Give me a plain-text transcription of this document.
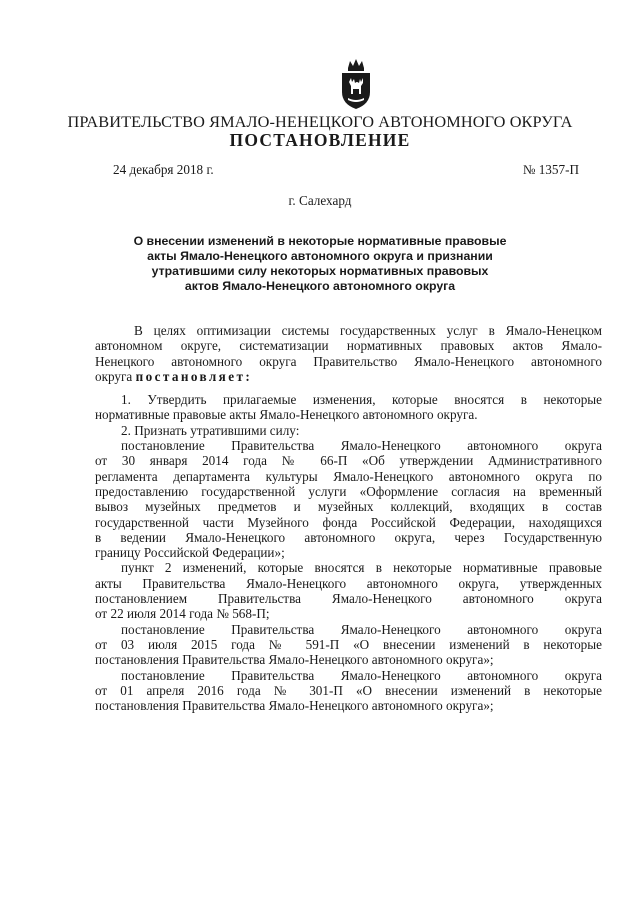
ПРАВИТЕЛЬСТВО ЯМАЛО-НЕНЕЦКОГО АВТОНОМНОГО ОКРУГА
ПОСТАНОВЛЕНИЕ
24 декабря 2018 г.	№ 1357-П
г. Салехард
О внесении изменений в некоторые нормативные правовые
акты Ямало-Ненецкого автономного округа и признании
утратившими силу некоторых нормативных правовых
актов Ямало-Ненецкого автономного округа
В целях оптимизации системы государственных услуг в Ямало-Ненецком
автономном округе, систематизации нормативных правовых актов Ямало-
Ненецкого автономного округа Правительство Ямало-Ненецкого автономного
округа постановляет:
1. Утвердить прилагаемые изменения, которые вносятся в некоторые
нормативные правовые акты Ямало-Ненецкого автономного округа.
2. Признать утратившими силу:
постановление Правительства Ямало-Ненецкого автономного округа
от 30 января 2014 года № 66-П «Об утверждении Административного
регламента департамента культуры Ямало-Ненецкого автономного округа по
предоставлению государственной услуги «Оформление согласия на временный
вывоз музейных предметов и музейных коллекций, входящих в состав
государственной части Музейного фонда Российской Федерации, находящихся
в ведении Ямало-Ненецкого автономного округа, через Государственную
границу Российской Федерации»;
пункт 2 изменений, которые вносятся в некоторые нормативные правовые
акты Правительства Ямало-Ненецкого автономного округа, утвержденных
постановлением Правительства Ямало-Ненецкого автономного округа
от 22 июля 2014 года № 568-П;
постановление Правительства Ямало-Ненецкого автономного округа
от 03 июля 2015 года № 591-П «О внесении изменений в некоторые
постановления Правительства Ямало-Ненецкого автономного округа»;
постановление Правительства Ямало-Ненецкого автономного округа
от 01 апреля 2016 года № 301-П «О внесении изменений в некоторые
постановления Правительства Ямало-Ненецкого автономного округа»;
